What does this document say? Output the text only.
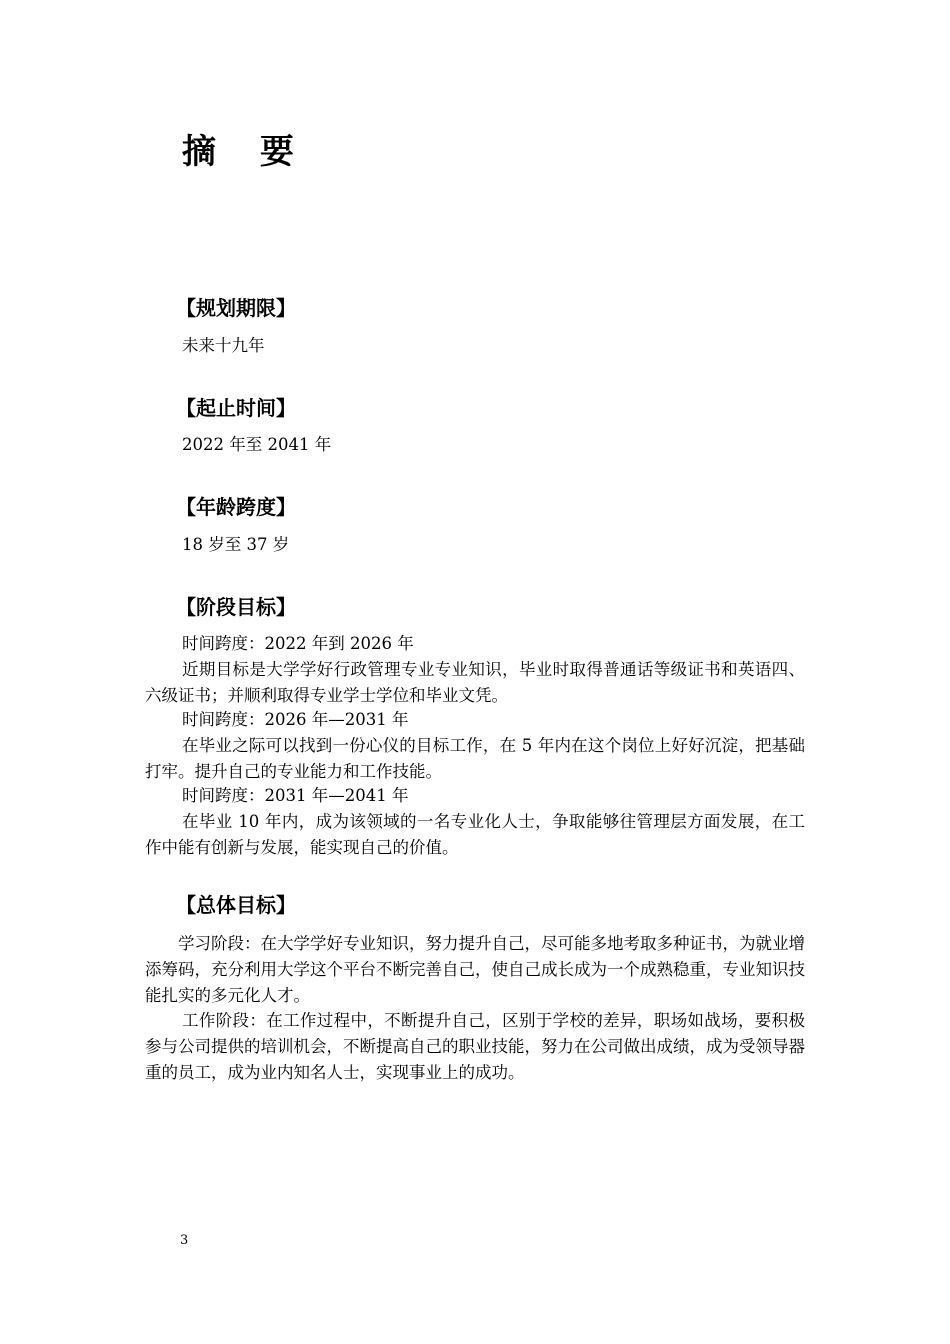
摘 要
【规划期限】

未来十九年

【起止时间】

2022 年至 2041 年

【年龄跨度】

18 岁至 37 岁

【阶段目标】

时间跨度：2022 年到 2026 年

近期目标是大学学好行政管理专业专业知识，毕业时取得普通话等级证书和英语四、六级证书；并顺利取得专业学士学位和毕业文凭。

时间跨度：2026 年—2031 年

在毕业之际可以找到一份心仪的目标工作，在 5 年内在这个岗位上好好沉淀，把基础打牢。提升自己的专业能力和工作技能。

时间跨度：2031 年—2041 年

在毕业 10 年内，成为该领域的一名专业化人士，争取能够往管理层方面发展，在工作中能有创新与发展，能实现自己的价值。

【总体目标】

学习阶段：在大学学好专业知识，努力提升自己，尽可能多地考取多种证书，为就业增添筹码，充分利用大学这个平台不断完善自己，使自己成长成为一个成熟稳重，专业知识技能扎实的多元化人才。

工作阶段：在工作过程中，不断提升自己，区别于学校的差异，职场如战场，要积极参与公司提供的培训机会，不断提高自己的职业技能，努力在公司做出成绩，成为受领导器重的员工，成为业内知名人士，实现事业上的成功。

3
